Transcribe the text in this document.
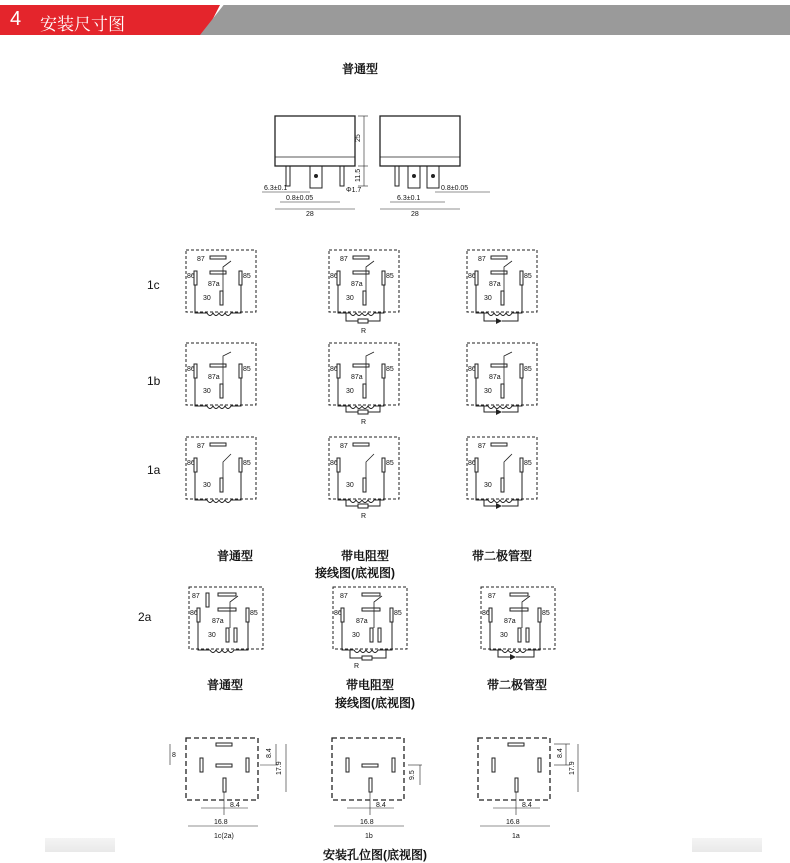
4 安装尺寸图
普通型
25
11.5
Φ1.7
6.3±0.1
0.8±0.05
28
0.8±0.05
6.3±0.1
28
1c
1b
1a
87
86	85
87a
30
87
86	85
87a
30
R
87
86	85
87a
30
86	85
87a
30
86	85
87a
30
R
86	85
87a
30
87
86	85
30
87
86	85
30
R
87
86	85
30
普通型	带电阻型	带二极管型
接线图(底视图)
2a
87
86	85
87a
30
87
86	85
87a
30
R
87
86	85
87a
30
普通型	带电阻型	带二极管型
接线图(底视图)
8	8.4
17.9
8.4
16.8
1c(2a)
9.5
8.4
16.8
1b
8.4
17.9
8.4
16.8
1a
安装孔位图(底视图)
